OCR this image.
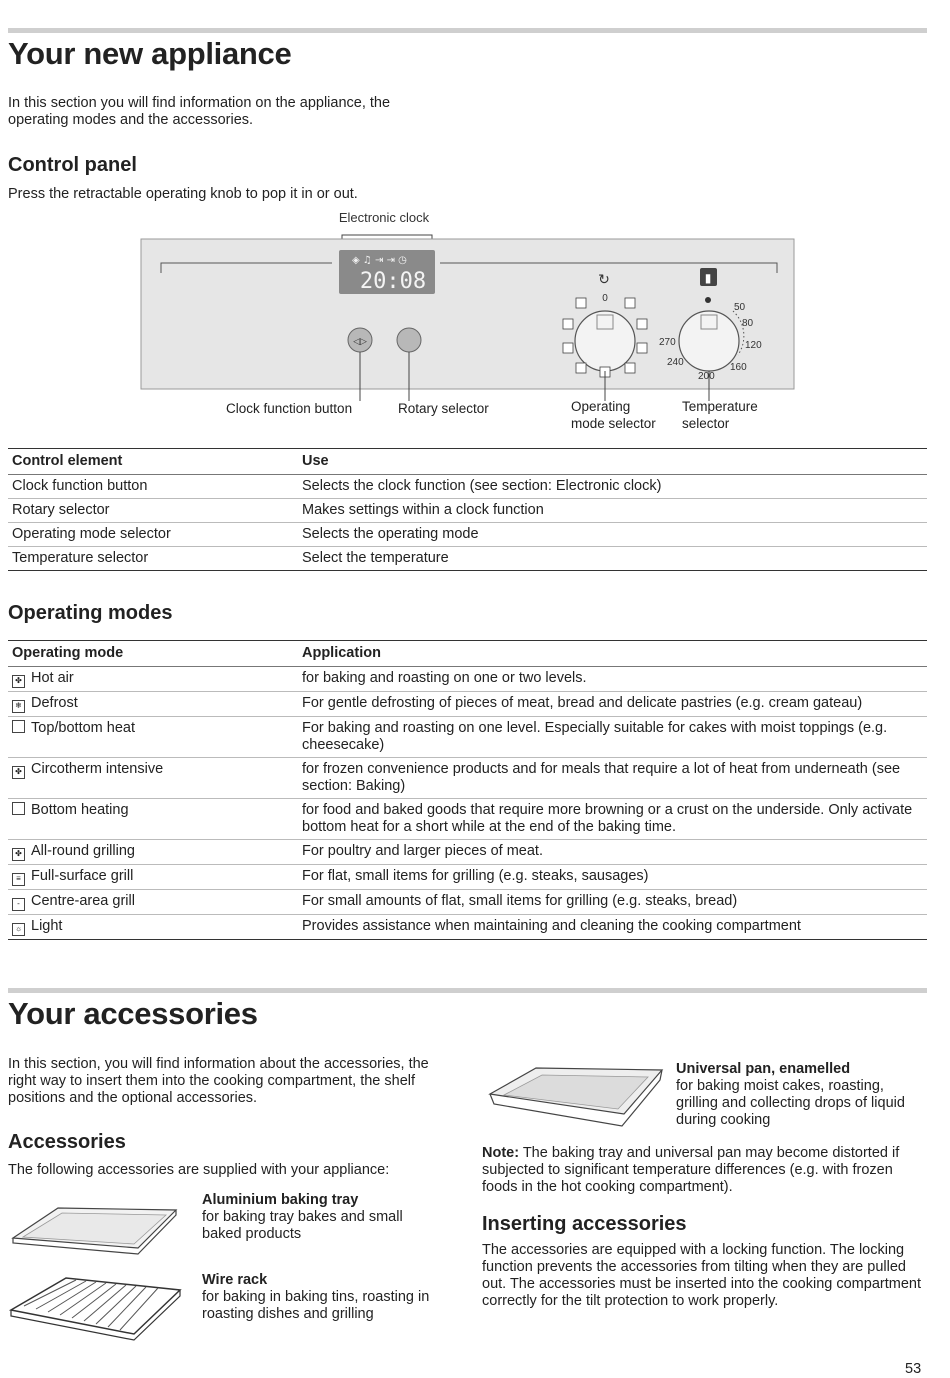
Your new appliance

In this section you will find information on the appliance, the operating modes and the accessories.

Control panel

Press the retractable operating knob to pop it in or out.

Electronic clock
◈ ♫ ⇥ ⇥ ◷
20:08
◁▷
↻
0
▮
50
80
120
160
200
240
270
Clock function button	Rotary selector	Operating mode selector
Temperature selector
Control element	Use
Clock function button	Selects the clock function (see section: Electronic clock)
Rotary selector	Makes settings within a clock function
Operating mode selector	Selects the operating mode
Temperature selector	Select the temperature
Operating modes
Operating mode	Application
✤ Hot air	for baking and roasting on one or two levels.
❄ Defrost	For gentle defrosting of pieces of meat, bread and delicate pastries (e.g. cream gateau)
Top/bottom heat	For baking and roasting on one level. Especially suitable for cakes with moist toppings (e.g. cheesecake)
✤ Circotherm intensive	for frozen convenience products and for meals that require a lot of heat from underneath (see section: Baking)
Bottom heating	for food and baked goods that require more browning or a crust on the underside. Only activate bottom heat for a short while at the end of the baking time.
✤ All-round grilling	For poultry and larger pieces of meat.
≡ Full-surface grill	For flat, small items for grilling (e.g. steaks, sausages)
- Centre-area grill	For small amounts of flat, small items for grilling (e.g. steaks, bread)
☼ Light	Provides assistance when maintaining and cleaning the cooking compartment
Your accessories

In this section, you will find information about the accessories, the right way to insert them into the cooking compartment, the shelf positions and the optional accessories.

Accessories

The following accessories are supplied with your appliance:

Aluminium baking tray
for baking tray bakes and small baked products
Wire rack
for baking in baking tins, roasting in roasting dishes and grilling
Universal pan, enamelled
for baking moist cakes, roasting, grilling and collecting drops of liquid during cooking

Note: The baking tray and universal pan may become distorted if subjected to significant temperature differences (e.g. with frozen foods in the hot cooking compartment).

Inserting accessories

The accessories are equipped with a locking function. The locking function prevents the accessories from tilting when they are pulled out. The accessories must be inserted into the cooking compartment correctly for the tilt protection to work properly.

53
